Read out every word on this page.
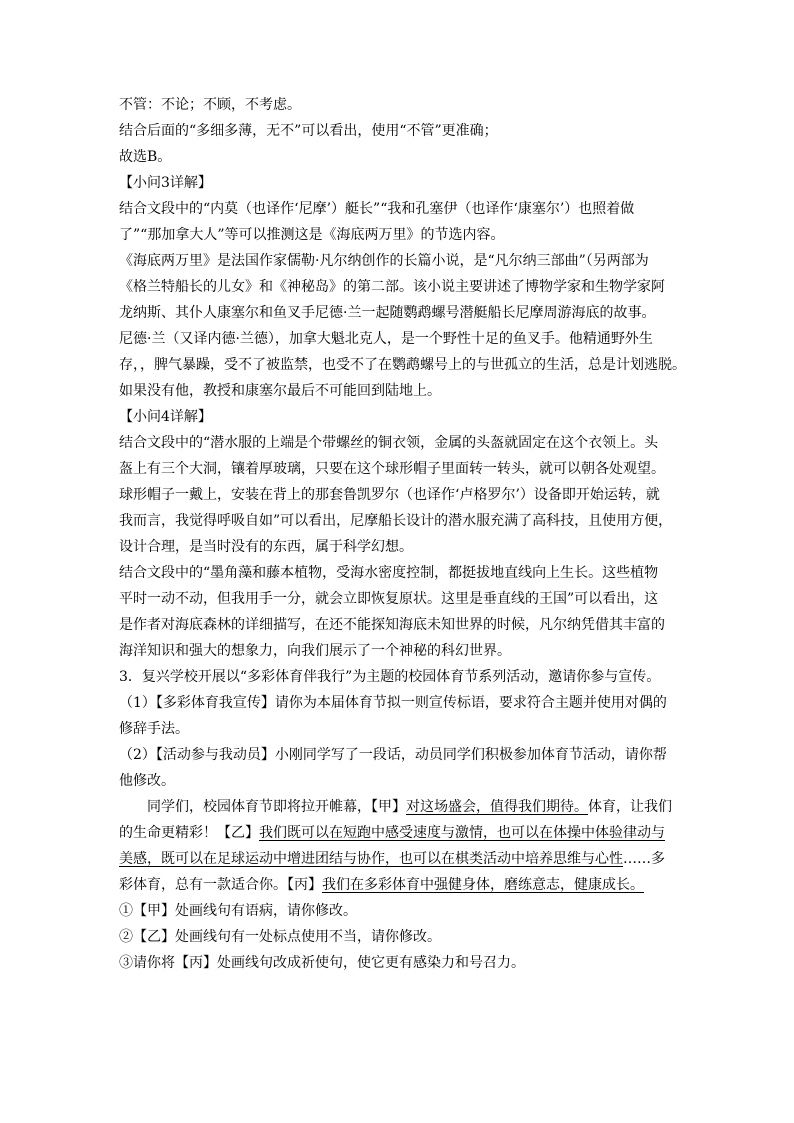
不管：不论；不顾，不考虑。
结合后面的“多细多薄，无不”可以看出，使用“不管”更准确；
故选B。
【小问3详解】
结合文段中的“内莫（也译作‘尼摩’）艇长”“我和孔塞伊（也译作‘康塞尔’）也照着做
了”“那加拿大人”等可以推测这是《海底两万里》的节选内容。
《海底两万里》是法国作家儒勒·凡尔纳创作的长篇小说，是“凡尔纳三部曲”（另两部为
《格兰特船长的儿女》和《神秘岛》的第二部。该小说主要讲述了博物学家和生物学家阿
龙纳斯、其仆人康塞尔和鱼叉手尼德·兰一起随鹦鹉螺号潜艇船长尼摩周游海底的故事。
尼德·兰（又译内德·兰德），加拿大魁北克人，是一个野性十足的鱼叉手。他精通野外生
存，，脾气暴躁，受不了被监禁，也受不了在鹦鹉螺号上的与世孤立的生活，总是计划逃脱。
如果没有他，教授和康塞尔最后不可能回到陆地上。
【小问4详解】
结合文段中的“潜水服的上端是个带螺丝的铜衣领，金属的头盔就固定在这个衣领上。头
盔上有三个大洞，镶着厚玻璃，只要在这个球形帽子里面转一转头，就可以朝各处观望。
球形帽子一戴上，安装在背上的那套鲁凯罗尔（也译作‘卢格罗尔’）设备即开始运转，就
我而言，我觉得呼吸自如”可以看出，尼摩船长设计的潜水服充满了高科技，且使用方便，
设计合理，是当时没有的东西，属于科学幻想。
结合文段中的“墨角藻和藤本植物，受海水密度控制，都挺拔地直线向上生长。这些植物
平时一动不动，但我用手一分，就会立即恢复原状。这里是垂直线的王国”可以看出，这
是作者对海底森林的详细描写，在还不能探知海底未知世界的时候，凡尔纳凭借其丰富的
海洋知识和强大的想象力，向我们展示了一个神秘的科幻世界。
3．复兴学校开展以“多彩体育伴我行”为主题的校园体育节系列活动，邀请你参与宣传。
（1）【多彩体育我宣传】请你为本届体育节拟一则宣传标语，要求符合主题并使用对偶的
修辞手法。
（2）【活动参与我动员】小刚同学写了一段话，动员同学们积极参加体育节活动，请你帮
他修改。
同学们，校园体育节即将拉开帷幕，【甲】对这场盛会，值得我们期待。体育，让我们
的生命更精彩！【乙】我们既可以在短跑中感受速度与激情，也可以在体操中体验律动与
美感，既可以在足球运动中增进团结与协作，也可以在棋类活动中培养思维与心性……多
彩体育，总有一款适合你。【丙】我们在多彩体育中强健身体，磨练意志，健康成长。
①【甲】处画线句有语病，请你修改。
②【乙】处画线句有一处标点使用不当，请你修改。
③请你将【丙】处画线句改成祈使句，使它更有感染力和号召力。
